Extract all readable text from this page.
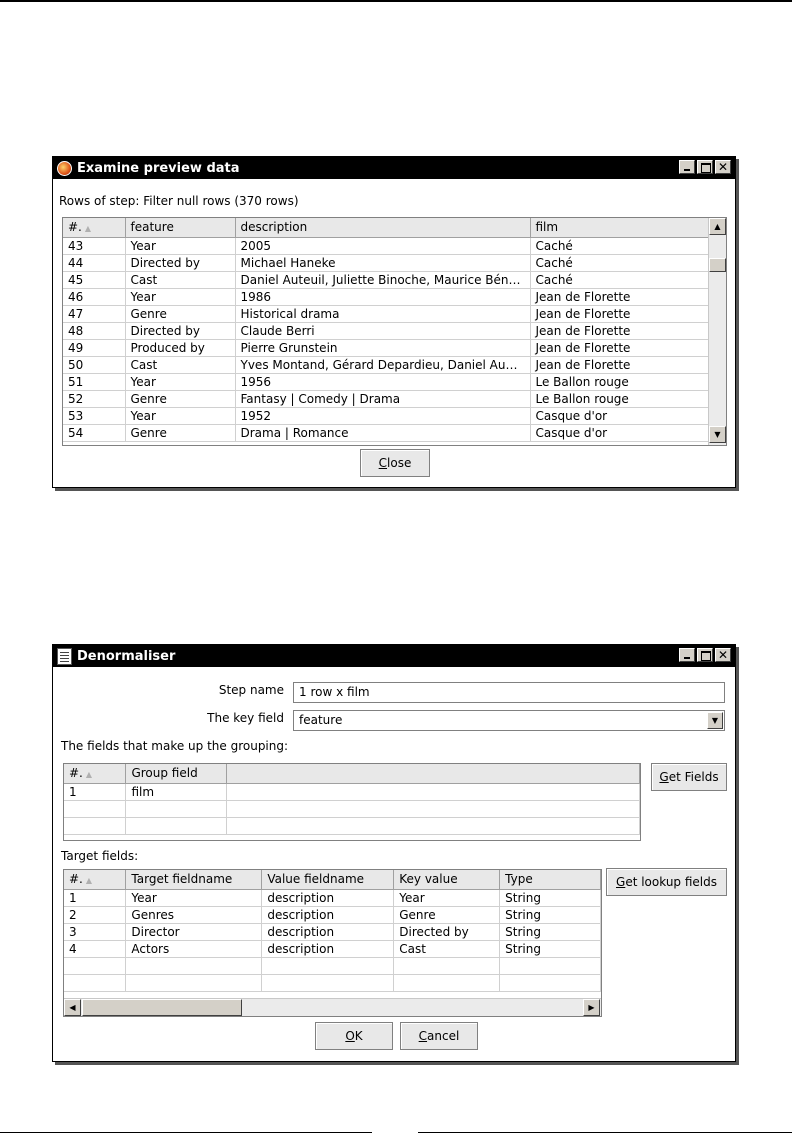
Examine preview data	✕
Rows of step: Filter null rows (370 rows)
#. ▲	feature	description	film
43	Year	2005	Caché
44	Directed by	Michael Haneke	Caché
45	Cast	Daniel Auteuil, Juliette Binoche, Maurice Bén…	Caché
46	Year	1986	Jean de Florette
47	Genre	Historical drama	Jean de Florette
48	Directed by	Claude Berri	Jean de Florette
49	Produced by	Pierre Grunstein	Jean de Florette
50	Cast	Yves Montand, Gérard Depardieu, Daniel Au…	Jean de Florette
51	Year	1956	Le Ballon rouge
52	Genre	Fantasy | Comedy | Drama	Le Ballon rouge
53	Year	1952	Casque d'or
54	Genre	Drama | Romance	Casque d'or
▲
▼
Close
Denormaliser	✕
Step name	1 row x film
The key field	feature	▼
The fields that make up the grouping:
#. ▲	Group field	
1	film	

Get Fields
Target fields:
#. ▲	Target fieldname	Value fieldname	Key value	Type
1	Year	description	Year	String
2	Genres	description	Genre	String
3	Director	description	Directed by	String
4	Actors	description	Cast	String

◀	▶
Get lookup fields
OK	Cancel
